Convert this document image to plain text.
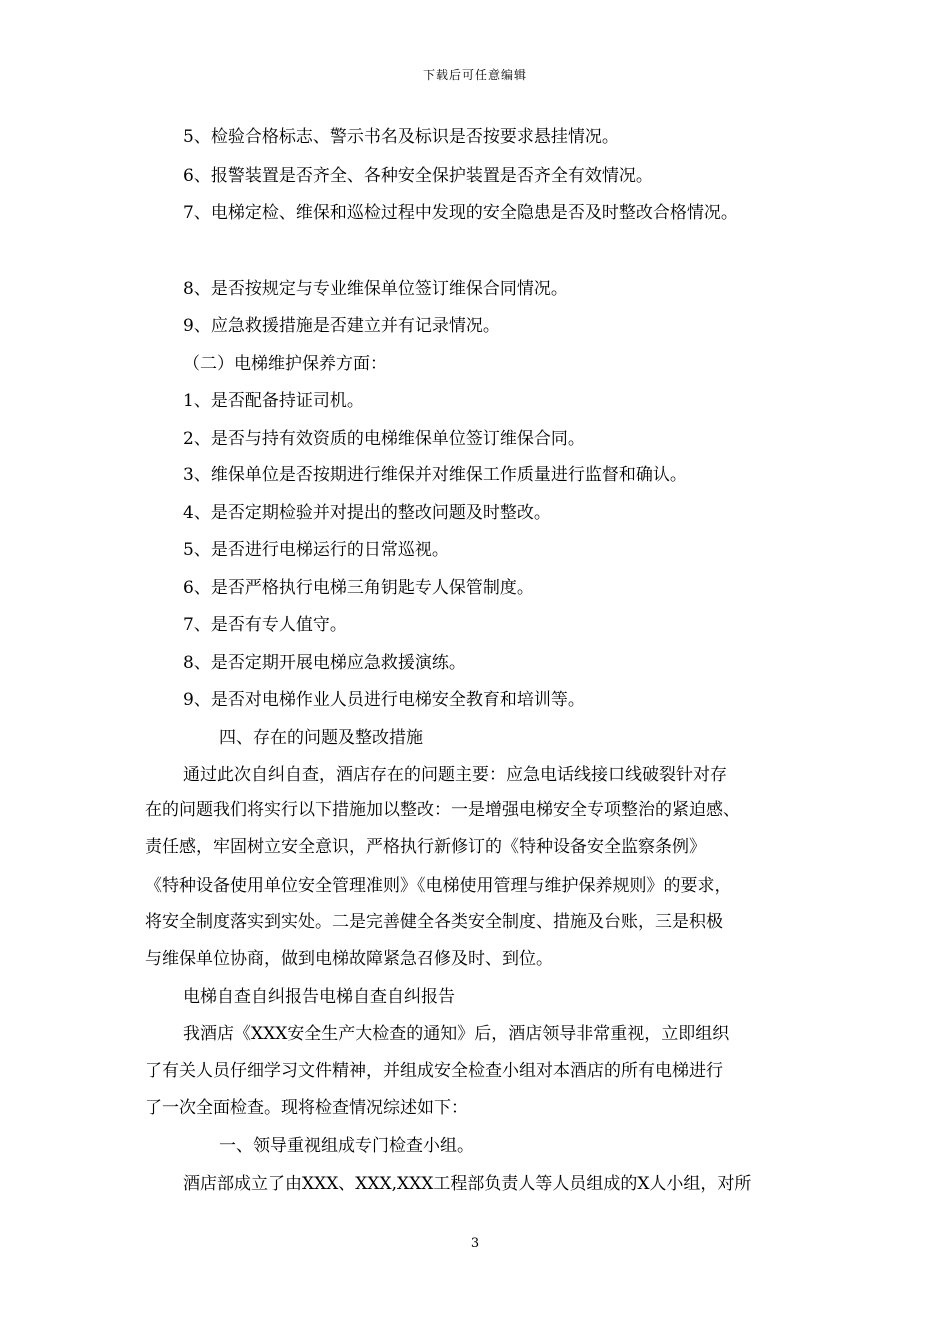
下载后可任意编辑
5、检验合格标志、警示书名及标识是否按要求悬挂情况。
6、报警装置是否齐全、各种安全保护装置是否齐全有效情况。
7、电梯定检、维保和巡检过程中发现的安全隐患是否及时整改合格情况。
8、是否按规定与专业维保单位签订维保合同情况。
9、应急救援措施是否建立并有记录情况。
（二）电梯维护保养方面：
1、是否配备持证司机。
2、是否与持有效资质的电梯维保单位签订维保合同。
3、维保单位是否按期进行维保并对维保工作质量进行监督和确认。
4、是否定期检验并对提出的整改问题及时整改。
5、是否进行电梯运行的日常巡视。
6、是否严格执行电梯三角钥匙专人保管制度。
7、是否有专人值守。
8、是否定期开展电梯应急救援演练。
9、是否对电梯作业人员进行电梯安全教育和培训等。
四、存在的问题及整改措施
通过此次自纠自查，酒店存在的问题主要：应急电话线接口线破裂针对存
在的问题我们将实行以下措施加以整改：一是增强电梯安全专项整治的紧迫感、
责任感，牢固树立安全意识，严格执行新修订的《特种设备安全监察条例》
《特种设备使用单位安全管理准则》《电梯使用管理与维护保养规则》的要求，
将安全制度落实到实处。二是完善健全各类安全制度、措施及台账，三是积极
与维保单位协商，做到电梯故障紧急召修及时、到位。
电梯自查自纠报告电梯自查自纠报告
我酒店《XXX安全生产大检查的通知》后，酒店领导非常重视，立即组织
了有关人员仔细学习文件精神，并组成安全检查小组对本酒店的所有电梯进行
了一次全面检查。现将检查情况综述如下：
一、领导重视组成专门检查小组。
酒店部成立了由XXX、XXX,XXX工程部负责人等人员组成的X人小组，对所
3
